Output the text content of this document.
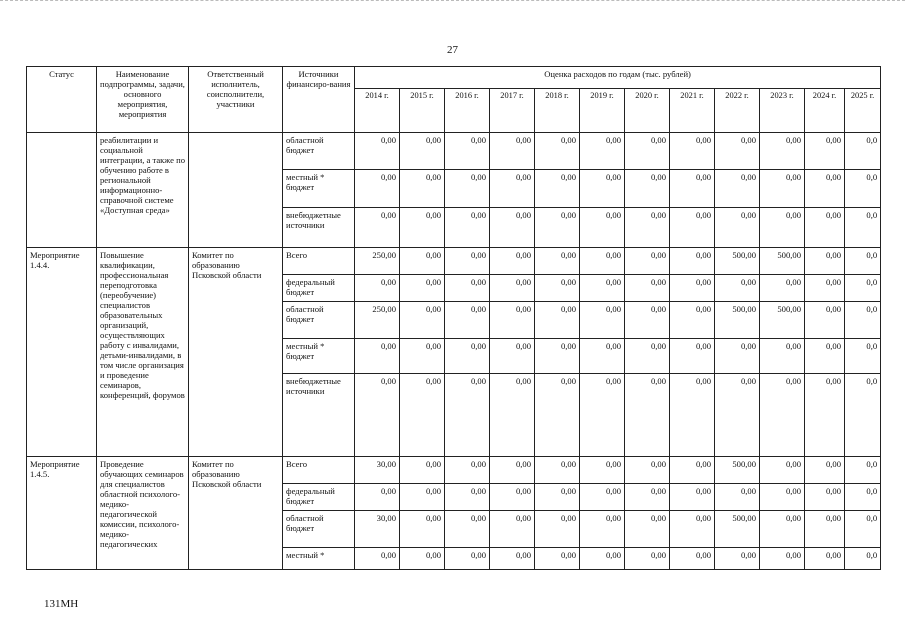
27
Статус	Наименование подпрограммы, задачи, основного мероприятия, мероприятия	Ответственный исполнитель, соисполнители, участники	Источники финансиро-вания	Оценка расходов по годам (тыс. рублей)											
				2014 г.	2015 г.	2016 г.	2017 г.	2018 г.	2019 г.	2020 г.	2021 г.	2022 г.	2023 г.	2024 г.	2025 г.
	реабилитации и социальной интеграции, а также по обучению работе в региональной информационно-справочной системе «Доступная среда»		областной бюджет	0,00	0,00	0,00	0,00	0,00	0,00	0,00	0,00	0,00	0,00	0,00	0,0
			местный * бюджет	0,00	0,00	0,00	0,00	0,00	0,00	0,00	0,00	0,00	0,00	0,00	0,0
			внебюджетные источники	0,00	0,00	0,00	0,00	0,00	0,00	0,00	0,00	0,00	0,00	0,00	0,0
Мероприятие 1.4.4.	Повышение квалификации, профессиональная переподготовка (переобучение) специалистов образовательных организаций, осуществляющих работу с инвалидами, детьми-инвалидами, в том числе организация и проведение семинаров, конференций, форумов	Комитет по образованию Псковской области	Всего	250,00	0,00	0,00	0,00	0,00	0,00	0,00	0,00	500,00	500,00	0,00	0,0
			федеральный бюджет	0,00	0,00	0,00	0,00	0,00	0,00	0,00	0,00	0,00	0,00	0,00	0,0
			областной бюджет	250,00	0,00	0,00	0,00	0,00	0,00	0,00	0,00	500,00	500,00	0,00	0,0
			местный * бюджет	0,00	0,00	0,00	0,00	0,00	0,00	0,00	0,00	0,00	0,00	0,00	0,0
			внебюджетные источники	0,00	0,00	0,00	0,00	0,00	0,00	0,00	0,00	0,00	0,00	0,00	0,0
Мероприятие 1.4.5.	Проведение обучающих семинаров для специалистов областной психолого-медико-педагогической комиссии, психолого-медико-педагогических	Комитет по образованию Псковской области	Всего	30,00	0,00	0,00	0,00	0,00	0,00	0,00	0,00	500,00	0,00	0,00	0,0
			федеральный бюджет	0,00	0,00	0,00	0,00	0,00	0,00	0,00	0,00	0,00	0,00	0,00	0,0
			областной бюджет	30,00	0,00	0,00	0,00	0,00	0,00	0,00	0,00	500,00	0,00	0,00	0,0
			местный *	0,00	0,00	0,00	0,00	0,00	0,00	0,00	0,00	0,00	0,00	0,00	0,0
131МН
